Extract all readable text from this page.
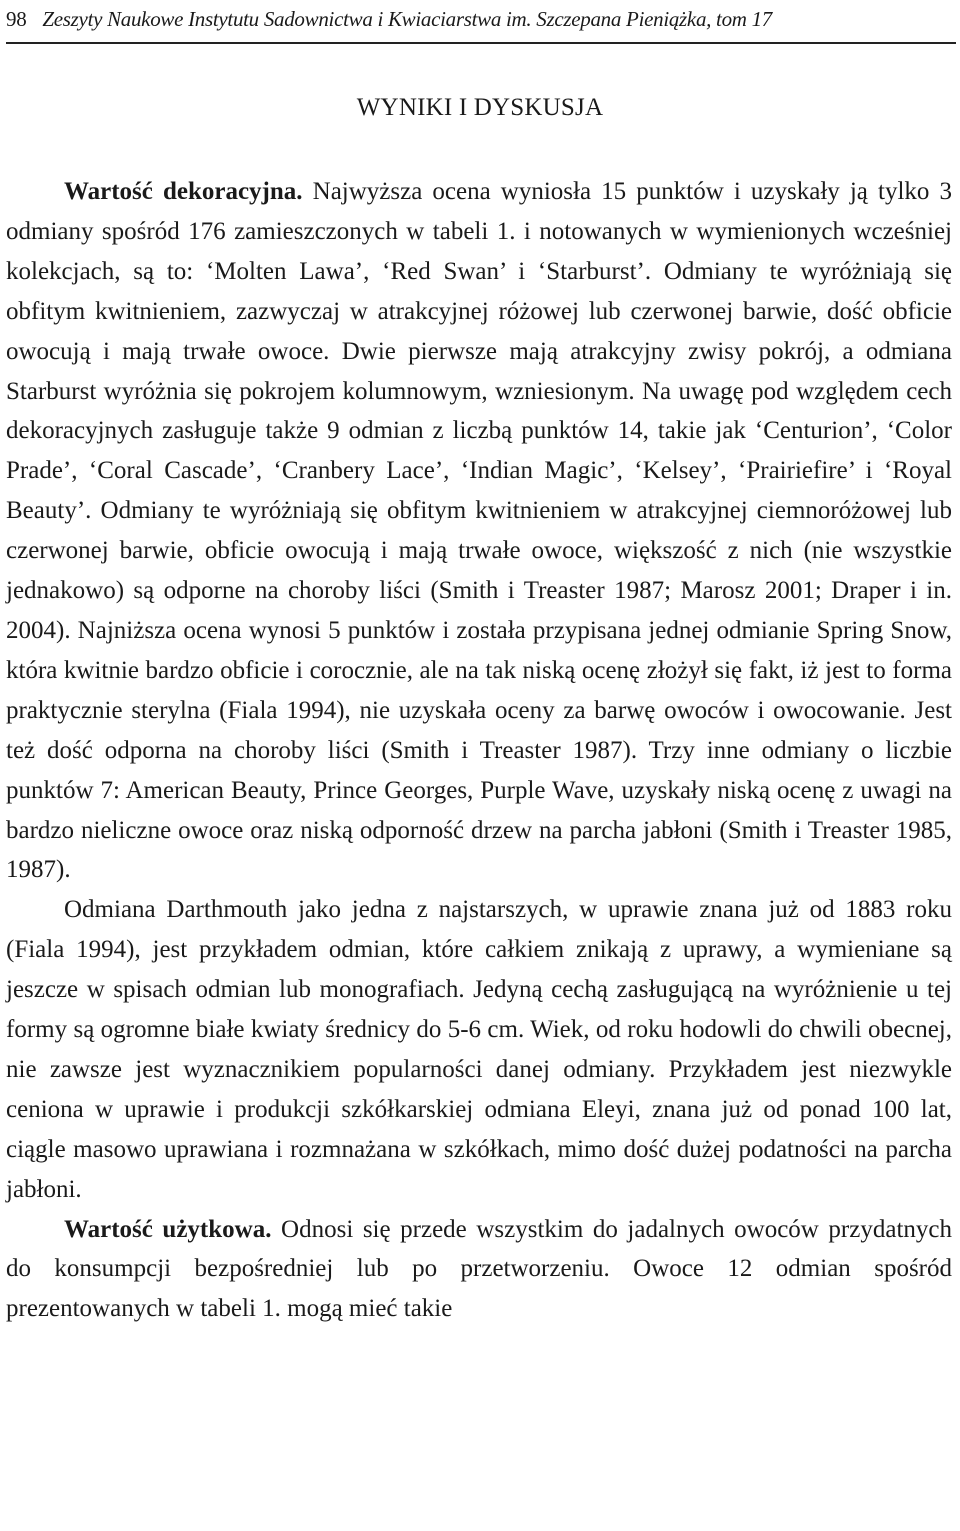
98 Zeszyty Naukowe Instytutu Sadownictwa i Kwiaciarstwa im. Szczepana Pieniążka, tom 17
WYNIKI I DYSKUSJA

Wartość dekoracyjna. Najwyższa ocena wyniosła 15 punktów i uzyskały ją tylko 3 odmiany spośród 176 zamieszczonych w tabeli 1. i notowanych w wymienionych wcześniej kolekcjach, są to: ‘Molten Lawa’, ‘Red Swan’ i ‘Starburst’. Odmiany te wyróżniają się obfitym kwitnieniem, zazwyczaj w atrakcyjnej różowej lub czerwonej barwie, dość obficie owocują i mają trwałe owoce. Dwie pierwsze mają atrakcyjny zwisy pokrój, a odmiana Starburst wyróżnia się pokrojem kolumnowym, wzniesionym. Na uwagę pod względem cech dekoracyjnych zasługuje także 9 odmian z liczbą punktów 14, takie jak ‘Centurion’, ‘Color Prade’, ‘Coral Cascade’, ‘Cranbery Lace’, ‘Indian Magic’, ‘Kelsey’, ‘Prairiefire’ i ‘Royal Beauty’. Odmiany te wyróżniają się obfitym kwitnieniem w atrakcyjnej ciemnoróżowej lub czerwonej barwie, obficie owocują i mają trwałe owoce, większość z nich (nie wszystkie jednakowo) są odporne na choroby liści (Smith i Treaster 1987; Marosz 2001; Draper i in. 2004). Najniższa ocena wynosi 5 punktów i została przypisana jednej odmianie Spring Snow, która kwitnie bardzo obficie i corocznie, ale na tak niską ocenę złożył się fakt, iż jest to forma praktycznie sterylna (Fiala 1994), nie uzyskała oceny za barwę owoców i owocowanie. Jest też dość odporna na choroby liści (Smith i Treaster 1987). Trzy inne odmiany o liczbie punktów 7: American Beauty, Prince Georges, Purple Wave, uzyskały niską ocenę z uwagi na bardzo nieliczne owoce oraz niską odporność drzew na parcha jabłoni (Smith i Treaster 1985, 1987).

Odmiana Darthmouth jako jedna z najstarszych, w uprawie znana już od 1883 roku (Fiala 1994), jest przykładem odmian, które całkiem znikają z uprawy, a wymieniane są jeszcze w spisach odmian lub monografiach. Jedyną cechą zasługującą na wyróżnienie u tej formy są ogromne białe kwiaty średnicy do 5-6 cm. Wiek, od roku hodowli do chwili obecnej, nie zawsze jest wyznacznikiem popularności danej odmiany. Przykładem jest niezwykle ceniona w uprawie i produkcji szkółkarskiej odmiana Eleyi, znana już od ponad 100 lat, ciągle masowo uprawiana i rozmnażana w szkółkach, mimo dość dużej podatności na parcha jabłoni.

Wartość użytkowa. Odnosi się przede wszystkim do jadalnych owoców przydatnych do konsumpcji bezpośredniej lub po przetworzeniu. Owoce 12 odmian spośród prezentowanych w tabeli 1. mogą mieć takie
